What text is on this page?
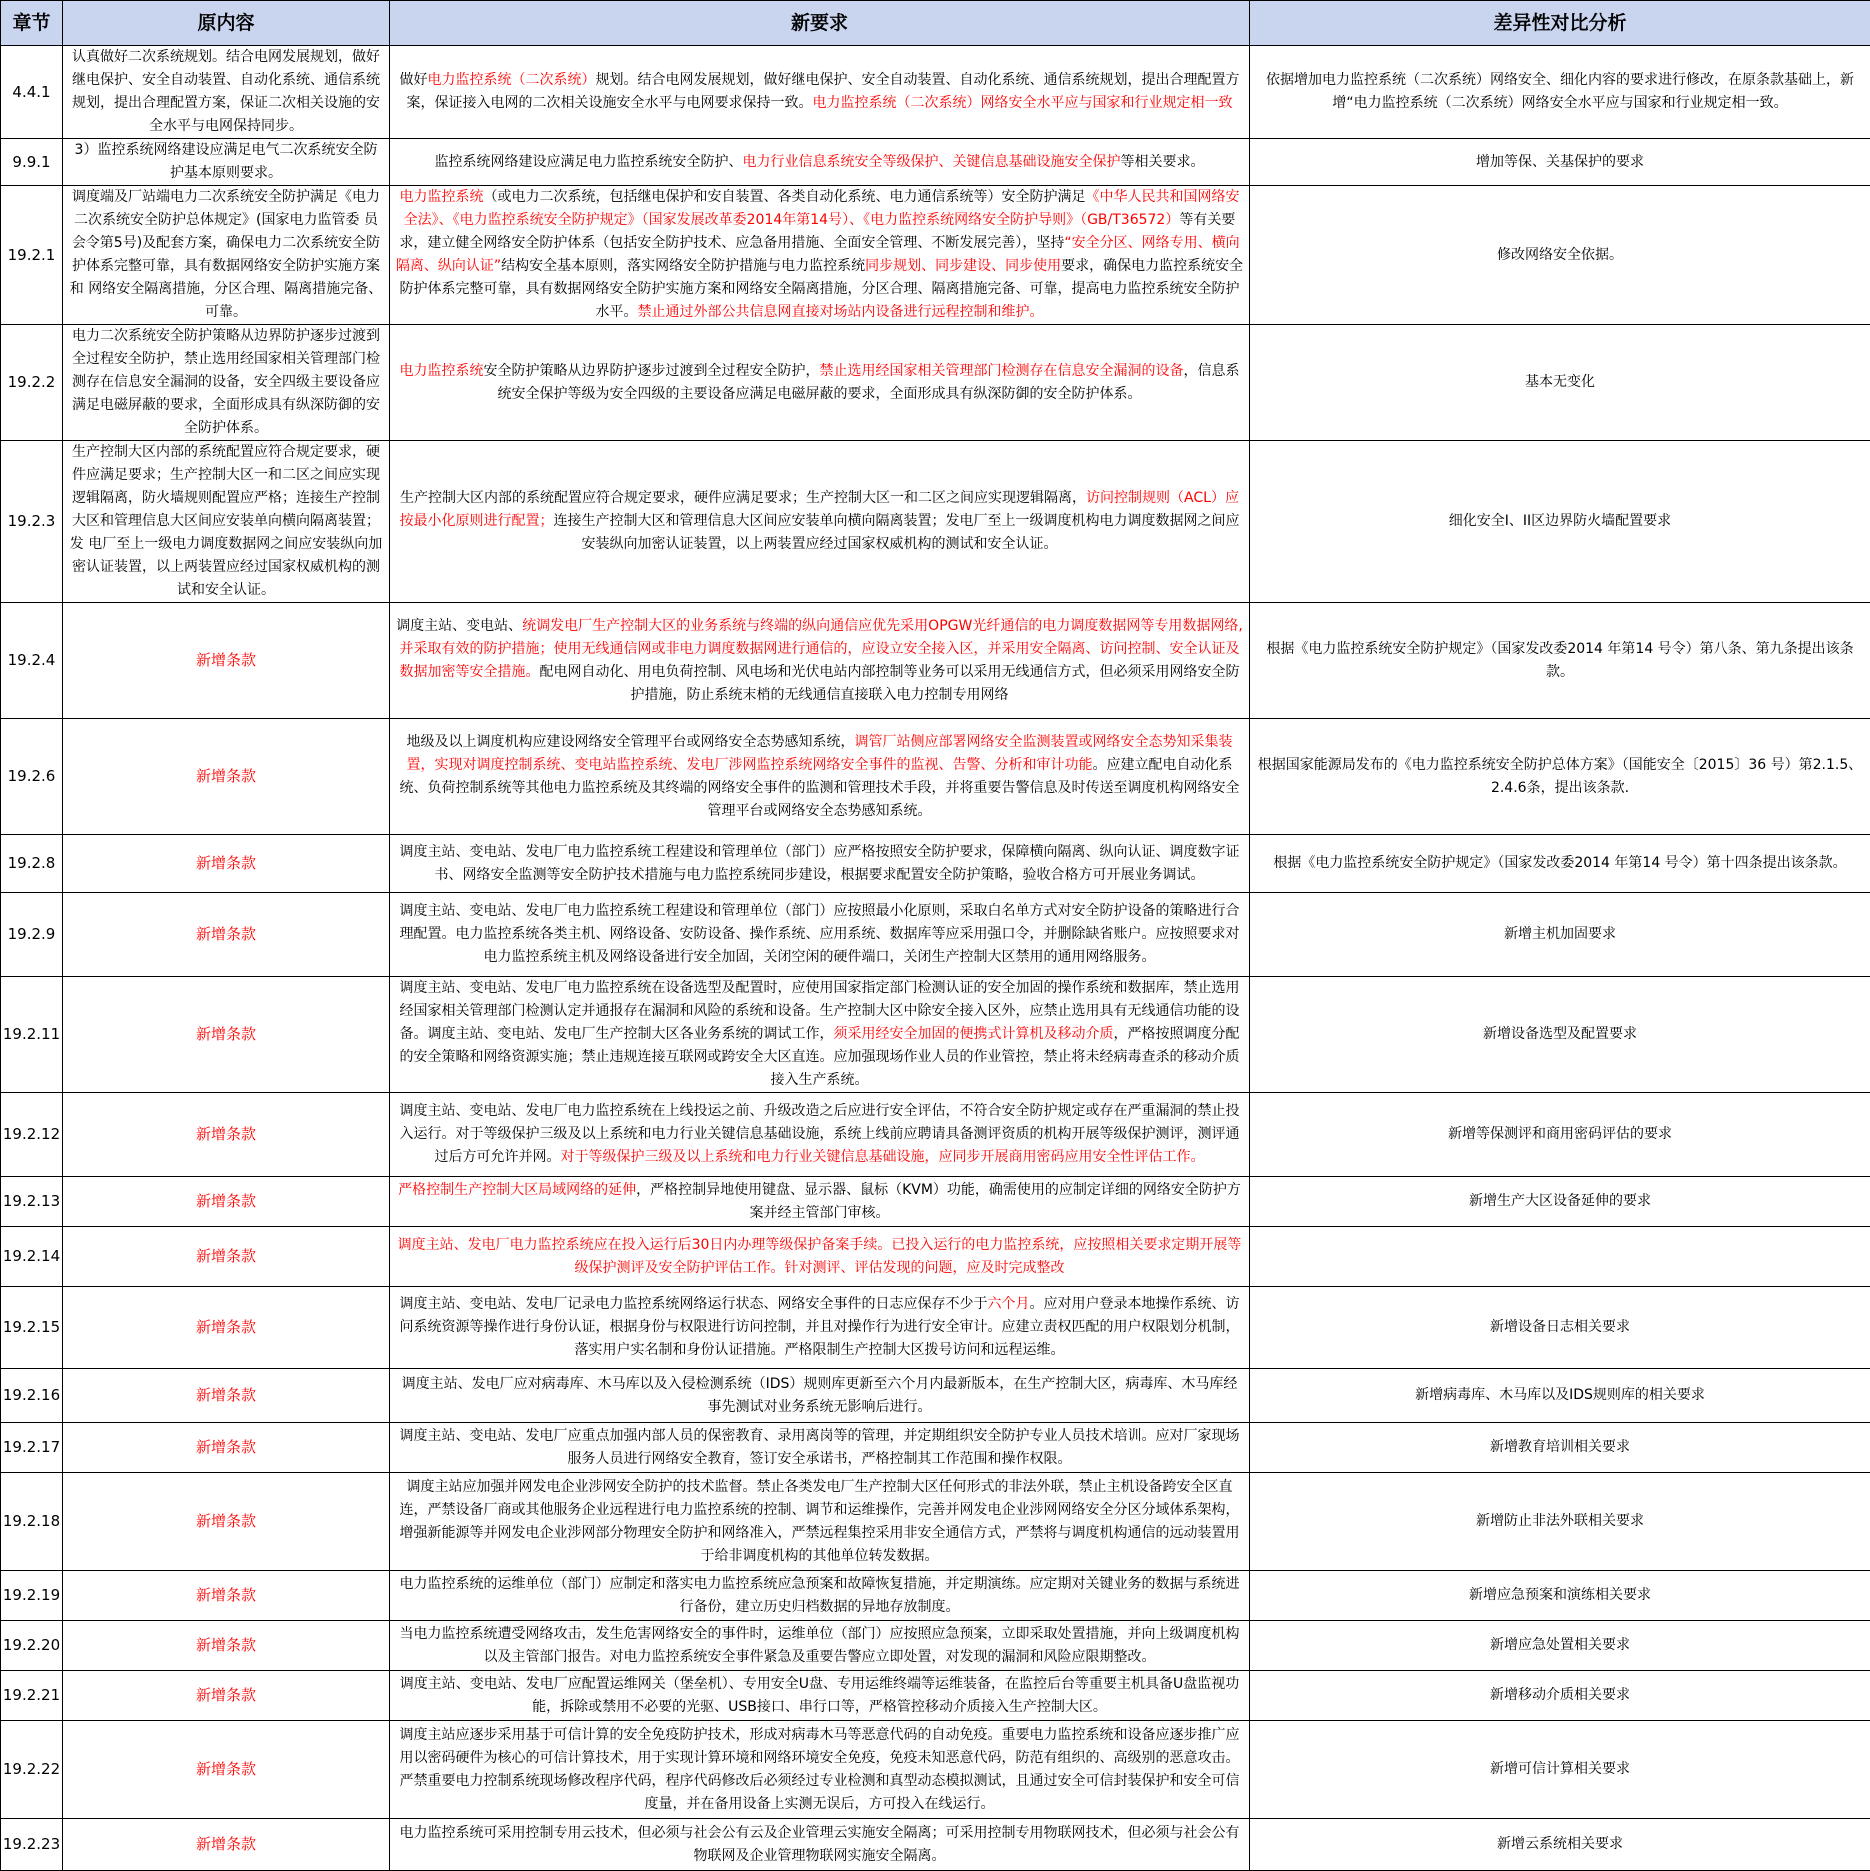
章节	原内容	新要求	差异性对比分析
4.4.1	认真做好二次系统规划。结合电网发展规划，做好继电保护、安全自动装置、自动化系统、通信系统规划，提出合理配置方案，保证二次相关设施的安全水平与电网保持同步。	做好电力监控系统（二次系统）规划。结合电网发展规划，做好继电保护、安全自动装置、自动化系统、通信系统规划，提出合理配置方案，保证接入电网的二次相关设施安全水平与电网要求保持一致。电力监控系统（二次系统）网络安全水平应与国家和行业规定相一致	依据增加电力监控系统（二次系统）网络安全、细化内容的要求进行修改，在原条款基础上，新增“电力监控系统（二次系统）网络安全水平应与国家和行业规定相一致。
9.9.1	3）监控系统网络建设应满足电气二次系统安全防护基本原则要求。	监控系统网络建设应满足电力监控系统安全防护、电力行业信息系统安全等级保护、关键信息基础设施安全保护等相关要求。	增加等保、关基保护的要求
19.2.1	调度端及厂站端电力二次系统安全防护满足《电力二次系统安全防护总体规定》(国家电力监管委 员会令第5号)及配套方案，确保电力二次系统安全防护体系完整可靠，具有数据网络安全防护实施方案和 网络安全隔离措施，分区合理、隔离措施完备、可靠。	电力监控系统（或电力二次系统，包括继电保护和安自装置、各类自动化系统、电力通信系统等）安全防护满足《中华人民共和国网络安全法》、《电力监控系统安全防护规定》（国家发展改革委2014年第14号）、《电力监控系统网络安全防护导则》（GB/T36572）等有关要求，建立健全网络安全防护体系（包括安全防护技术、应急备用措施、全面安全管理、不断发展完善），坚持“安全分区、网络专用、横向隔离、纵向认证”结构安全基本原则，落实网络安全防护措施与电力监控系统同步规划、同步建设、同步使用要求，确保电力监控系统安全防护体系完整可靠，具有数据网络安全防护实施方案和网络安全隔离措施，分区合理、隔离措施完备、可靠，提高电力监控系统安全防护水平。禁止通过外部公共信息网直接对场站内设备进行远程控制和维护。	修改网络安全依据。
19.2.2	电力二次系统安全防护策略从边界防护逐步过渡到全过程安全防护，禁止选用经国家相关管理部门检测存在信息安全漏洞的设备，安全四级主要设备应满足电磁屏蔽的要求，全面形成具有纵深防御的安全防护体系。	电力监控系统安全防护策略从边界防护逐步过渡到全过程安全防护，禁止选用经国家相关管理部门检测存在信息安全漏洞的设备，信息系统安全保护等级为安全四级的主要设备应满足电磁屏蔽的要求，全面形成具有纵深防御的安全防护体系。	基本无变化
19.2.3	生产控制大区内部的系统配置应符合规定要求，硬件应满足要求；生产控制大区一和二区之间应实现逻辑隔离，防火墙规则配置应严格；连接生产控制大区和管理信息大区间应安装单向横向隔离装置；发 电厂至上一级电力调度数据网之间应安装纵向加密认证装置，以上两装置应经过国家权威机构的测试和安全认证。	生产控制大区内部的系统配置应符合规定要求，硬件应满足要求；生产控制大区一和二区之间应实现逻辑隔离，访问控制规则（ACL）应按最小化原则进行配置；连接生产控制大区和管理信息大区间应安装单向横向隔离装置；发电厂至上一级调度机构电力调度数据网之间应安装纵向加密认证装置，以上两装置应经过国家权威机构的测试和安全认证。	细化安全I、II区边界防火墙配置要求
19.2.4	新增条款	调度主站、变电站、统调发电厂生产控制大区的业务系统与终端的纵向通信应优先采用OPGW光纤通信的电力调度数据网等专用数据网络,并采取有效的防护措施；使用无线通信网或非电力调度数据网进行通信的，应设立安全接入区，并采用安全隔离、访问控制、安全认证及数据加密等安全措施。配电网自动化、用电负荷控制、风电场和光伏电站内部控制等业务可以采用无线通信方式，但必须采用网络安全防护措施，防止系统末梢的无线通信直接联入电力控制专用网络	根据《电力监控系统安全防护规定》（国家发改委2014 年第14 号令）第八条、第九条提出该条款。
19.2.6	新增条款	地级及以上调度机构应建设网络安全管理平台或网络安全态势感知系统，调管厂站侧应部署网络安全监测装置或网络安全态势知采集装置，实现对调度控制系统、变电站监控系统、发电厂涉网监控系统网络安全事件的监视、告警、分析和审计功能。应建立配电自动化系统、负荷控制系统等其他电力监控系统及其终端的网络安全事件的监测和管理技术手段，并将重要告警信息及时传送至调度机构网络安全管理平台或网络安全态势感知系统。	根据国家能源局发布的《电力监控系统安全防护总体方案》（国能安全〔2015〕36 号）第2.1.5、2.4.6条，提出该条款.
19.2.8	新增条款	调度主站、变电站、发电厂电力监控系统工程建设和管理单位（部门）应严格按照安全防护要求，保障横向隔离、纵向认证、调度数字证书、网络安全监测等安全防护技术措施与电力监控系统同步建设，根据要求配置安全防护策略，验收合格方可开展业务调试。	根据《电力监控系统安全防护规定》（国家发改委2014 年第14 号令）第十四条提出该条款。
19.2.9	新增条款	调度主站、变电站、发电厂电力监控系统工程建设和管理单位（部门）应按照最小化原则，采取白名单方式对安全防护设备的策略进行合理配置。电力监控系统各类主机、网络设备、安防设备、操作系统、应用系统、数据库等应采用强口令，并删除缺省账户。应按照要求对电力监控系统主机及网络设备进行安全加固，关闭空闲的硬件端口，关闭生产控制大区禁用的通用网络服务。	新增主机加固要求
19.2.11	新增条款	调度主站、变电站、发电厂电力监控系统在设备选型及配置时，应使用国家指定部门检测认证的安全加固的操作系统和数据库，禁止选用经国家相关管理部门检测认定并通报存在漏洞和风险的系统和设备。生产控制大区中除安全接入区外，应禁止选用具有无线通信功能的设备。调度主站、变电站、发电厂生产控制大区各业务系统的调试工作，须采用经安全加固的便携式计算机及移动介质，严格按照调度分配的安全策略和网络资源实施；禁止违规连接互联网或跨安全大区直连。应加强现场作业人员的作业管控，禁止将未经病毒查杀的移动介质接入生产系统。	新增设备选型及配置要求
19.2.12	新增条款	调度主站、变电站、发电厂电力监控系统在上线投运之前、升级改造之后应进行安全评估，不符合安全防护规定或存在严重漏洞的禁止投入运行。对于等级保护三级及以上系统和电力行业关键信息基础设施，系统上线前应聘请具备测评资质的机构开展等级保护测评，测评通过后方可允许并网。对于等级保护三级及以上系统和电力行业关键信息基础设施，应同步开展商用密码应用安全性评估工作。	新增等保测评和商用密码评估的要求
19.2.13	新增条款	严格控制生产控制大区局域网络的延伸，严格控制异地使用键盘、显示器、鼠标（KVM）功能，确需使用的应制定详细的网络安全防护方案并经主管部门审核。	新增生产大区设备延伸的要求
19.2.14	新增条款	调度主站、发电厂电力监控系统应在投入运行后30日内办理等级保护备案手续。已投入运行的电力监控系统，应按照相关要求定期开展等级保护测评及安全防护评估工作。针对测评、评估发现的问题，应及时完成整改	
19.2.15	新增条款	调度主站、变电站、发电厂记录电力监控系统网络运行状态、网络安全事件的日志应保存不少于六个月。应对用户登录本地操作系统、访问系统资源等操作进行身份认证，根据身份与权限进行访问控制，并且对操作行为进行安全审计。应建立责权匹配的用户权限划分机制，落实用户实名制和身份认证措施。严格限制生产控制大区拨号访问和远程运维。	新增设备日志相关要求
19.2.16	新增条款	调度主站、发电厂应对病毒库、木马库以及入侵检测系统（IDS）规则库更新至六个月内最新版本，在生产控制大区，病毒库、木马库经事先测试对业务系统无影响后进行。	新增病毒库、木马库以及IDS规则库的相关要求
19.2.17	新增条款	调度主站、变电站、发电厂应重点加强内部人员的保密教育、录用离岗等的管理，并定期组织安全防护专业人员技术培训。应对厂家现场服务人员进行网络安全教育，签订安全承诺书，严格控制其工作范围和操作权限。	新增教育培训相关要求
19.2.18	新增条款	调度主站应加强并网发电企业涉网安全防护的技术监督。禁止各类发电厂生产控制大区任何形式的非法外联，禁止主机设备跨安全区直连，严禁设备厂商或其他服务企业远程进行电力监控系统的控制、调节和运维操作，完善并网发电企业涉网网络安全分区分域体系架构，增强新能源等并网发电企业涉网部分物理安全防护和网络准入，严禁远程集控采用非安全通信方式，严禁将与调度机构通信的远动装置用于给非调度机构的其他单位转发数据。	新增防止非法外联相关要求
19.2.19	新增条款	电力监控系统的运维单位（部门）应制定和落实电力监控系统应急预案和故障恢复措施，并定期演练。应定期对关键业务的数据与系统进行备份，建立历史归档数据的异地存放制度。	新增应急预案和演练相关要求
19.2.20	新增条款	当电力监控系统遭受网络攻击，发生危害网络安全的事件时，运维单位（部门）应按照应急预案，立即采取处置措施，并向上级调度机构以及主管部门报告。对电力监控系统安全事件紧急及重要告警应立即处置，对发现的漏洞和风险应限期整改。	新增应急处置相关要求
19.2.21	新增条款	调度主站、变电站、发电厂应配置运维网关（堡垒机）、专用安全U盘、专用运维终端等运维装备，在监控后台等重要主机具备U盘监视功能，拆除或禁用不必要的光驱、USB接口、串行口等，严格管控移动介质接入生产控制大区。	新增移动介质相关要求
19.2.22	新增条款	调度主站应逐步采用基于可信计算的安全免疫防护技术，形成对病毒木马等恶意代码的自动免疫。重要电力监控系统和设备应逐步推广应用以密码硬件为核心的可信计算技术，用于实现计算环境和网络环境安全免疫，免疫未知恶意代码，防范有组织的、高级别的恶意攻击。严禁重要电力控制系统现场修改程序代码，程序代码修改后必须经过专业检测和真型动态模拟测试，且通过安全可信封装保护和安全可信度量，并在备用设备上实测无误后，方可投入在线运行。	新增可信计算相关要求
19.2.23	新增条款	电力监控系统可采用控制专用云技术，但必须与社会公有云及企业管理云实施安全隔离；可采用控制专用物联网技术，但必须与社会公有物联网及企业管理物联网实施安全隔离。	新增云系统相关要求
